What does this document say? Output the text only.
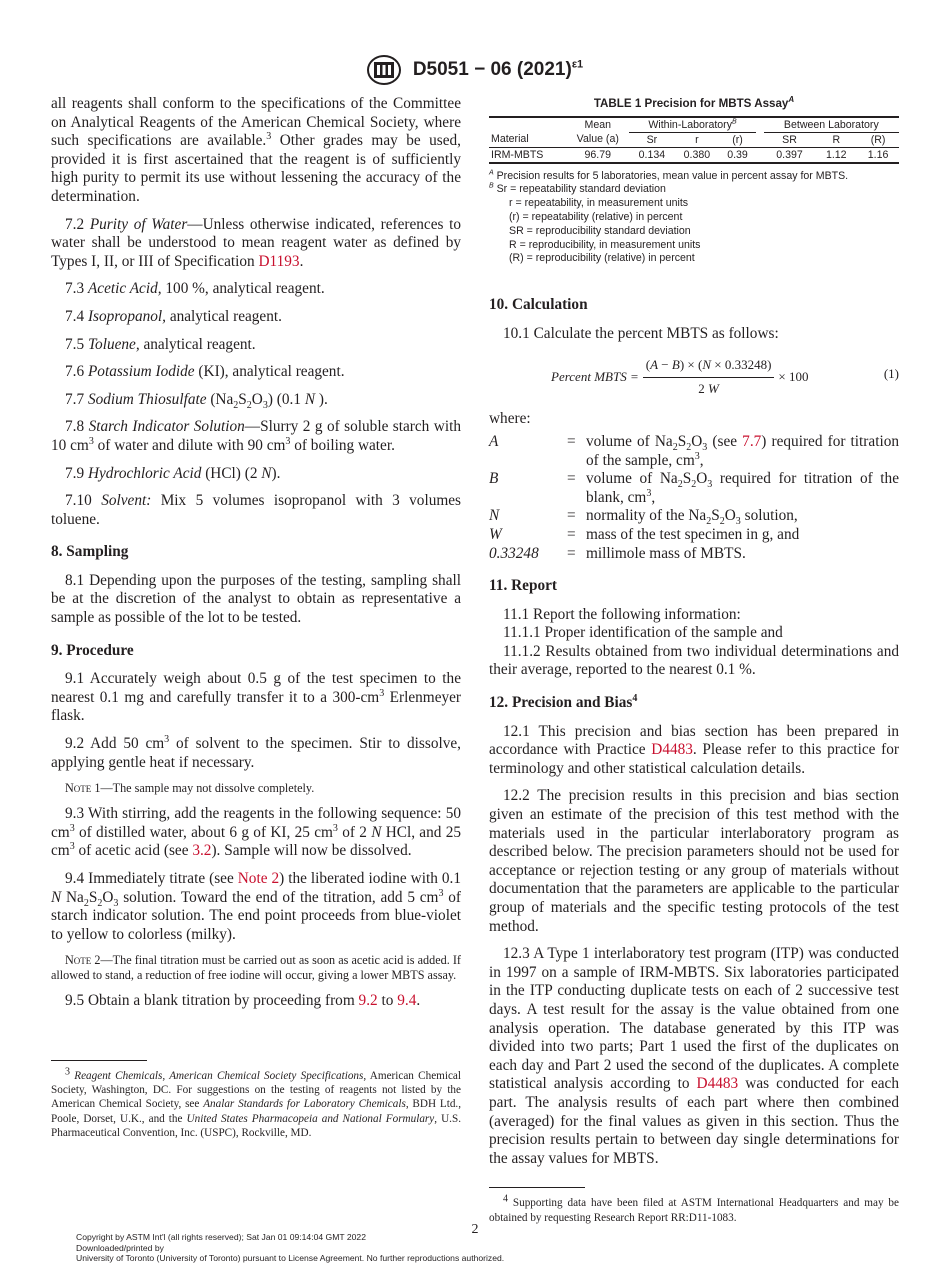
D5051 − 06 $(2021)^{\varepsilon 1}$

all reagents shall conform to the specifications of the Committee on Analytical Reagents of the American Chemical Society, where such specifications are available.$^3$ Other grades may be used, provided it is first ascertained that the reagent is of sufficiently high purity to permit its use without lessening the accuracy of the determination.

7.2 Purity of Water—Unless otherwise indicated, references to water shall be understood to mean reagent water as defined by Types I, II, or III of Specification D1193.

7.3 Acetic Acid, 100 %, analytical reagent.

7.4 Isopropanol, analytical reagent.

7.5 Toluene, analytical reagent.

7.6 Potassium Iodide (KI), analytical reagent.

7.7 Sodium Thiosulfate $(Na_2S_2O_3)$ (0.1 N ).

7.8 Starch Indicator Solution—Slurry 2 g of soluble starch with 10 $cm^3$ of water and dilute with 90 $cm^3$ of boiling water.

7.9 Hydrochloric Acid (HCl) (2 N).

7.10 Solvent: Mix 5 volumes isopropanol with 3 volumes toluene.

8. Sampling

8.1 Depending upon the purposes of the testing, sampling shall be at the discretion of the analyst to obtain as representative a sample as possible of the lot to be tested.

9. Procedure

9.1 Accurately weigh about 0.5 g of the test specimen to the nearest 0.1 mg and carefully transfer it to a $300-cm^3$ Erlenmeyer flask.

9.2 Add 50 $cm^3$ of solvent to the specimen. Stir to dissolve, applying gentle heat if necessary.

Note 1—The sample may not dissolve completely.

9.3 With stirring, add the reagents in the following sequence: 50 $cm^3$ of distilled water, about 6 g of KI, 25 $cm^3$ of 2 N HCl, and 25 $cm^3$ of acetic acid (see 3.2). Sample will now be dissolved.

9.4 Immediately titrate (see Note 2) the liberated iodine with 0.1 N $Na_2S_2O_3$ solution. Toward the end of the titration, add 5 $cm^3$ of starch indicator solution. The end point proceeds from blue-violet to yellow to colorless (milky).

Note 2—The final titration must be carried out as soon as acetic acid is added. If allowed to stand, a reduction of free iodine will occur, giving a lower MBTS assay.

9.5 Obtain a blank titration by proceeding from 9.2 to 9.4.

$^3$ Reagent Chemicals, American Chemical Society Specifications, American Chemical Society, Washington, DC. For suggestions on the testing of reagents not listed by the American Chemical Society, see Analar Standards for Laboratory Chemicals, BDH Ltd., Poole, Dorset, U.K., and the United States Pharmacopeia and National Formulary, U.S. Pharmaceutical Convention, Inc. (USPC), Rockville, MD.

TABLE 1 Precision for MBTS Assay$^A$
	Mean	Within-Laboratory$^B$				Between Laboratory		
Material	Value (a)	Sr	r	(r)		SR	R	(R)
IRM-MBTS	96.79	0.134	0.380	0.39		0.397	1.12	1.16
$^A$ Precision results for 5 laboratories, mean value in percent assay for MBTS.
$^B$ Sr = repeatability standard deviation
r = repeatability, in measurement units
(r) = repeatability (relative) in percent
SR = reproducibility standard deviation
R = reproducibility, in measurement units
(R) = reproducibility (relative) in percent
10. Calculation

10.1 Calculate the percent MBTS as follows:

Percent MBTS = $\frac{(A - B) \times (N \times 0.33248)}{2 W} \times 100$	(1)

where:

A	= volume of $Na_2S_2O_3$ (see 7.7) required for titration of the sample, $cm^3$,
B	= volume of $Na_2S_2O_3$ required for titration of the blank, $cm^3$,
N	= normality of the $Na_2S_2O_3$ solution,
W	= mass of the test specimen in g, and
0.33248	= millimole mass of MBTS.
11. Report

11.1 Report the following information:

11.1.1 Proper identification of the sample and

11.1.2 Results obtained from two individual determinations and their average, reported to the nearest 0.1 %.

12. Precision and Bias$^4$

12.1 This precision and bias section has been prepared in accordance with Practice D4483. Please refer to this practice for terminology and other statistical calculation details.

12.2 The precision results in this precision and bias section given an estimate of the precision of this test method with the materials used in the particular interlaboratory program as described below. The precision parameters should not be used for acceptance or rejection testing or any group of materials without documentation that the parameters are applicable to the particular group of materials and the specific testing protocols of the test method.

12.3 A Type 1 interlaboratory test program (ITP) was conducted in 1997 on a sample of IRM-MBTS. Six laboratories participated in the ITP conducting duplicate tests on each of 2 successive test days. A test result for the assay is the value obtained from one analysis operation. The database generated by this ITP was divided into two parts; Part 1 used the first of the duplicates on each day and Part 2 used the second of the duplicates. A complete statistical analysis according to D4483 was conducted for each part. The analysis results of each part where then combined (averaged) for the final values as given in this section. Thus the precision results pertain to between day single determinations for the assay values for MBTS.

$^4$ Supporting data have been filed at ASTM International Headquarters and may be obtained by requesting Research Report RR:D11-1083.

2
Copyright by ASTM Int'l (all rights reserved); Sat Jan 01 09:14:04 GMT 2022
Downloaded/printed by
University of Toronto (University of Toronto) pursuant to License Agreement. No further reproductions authorized.
